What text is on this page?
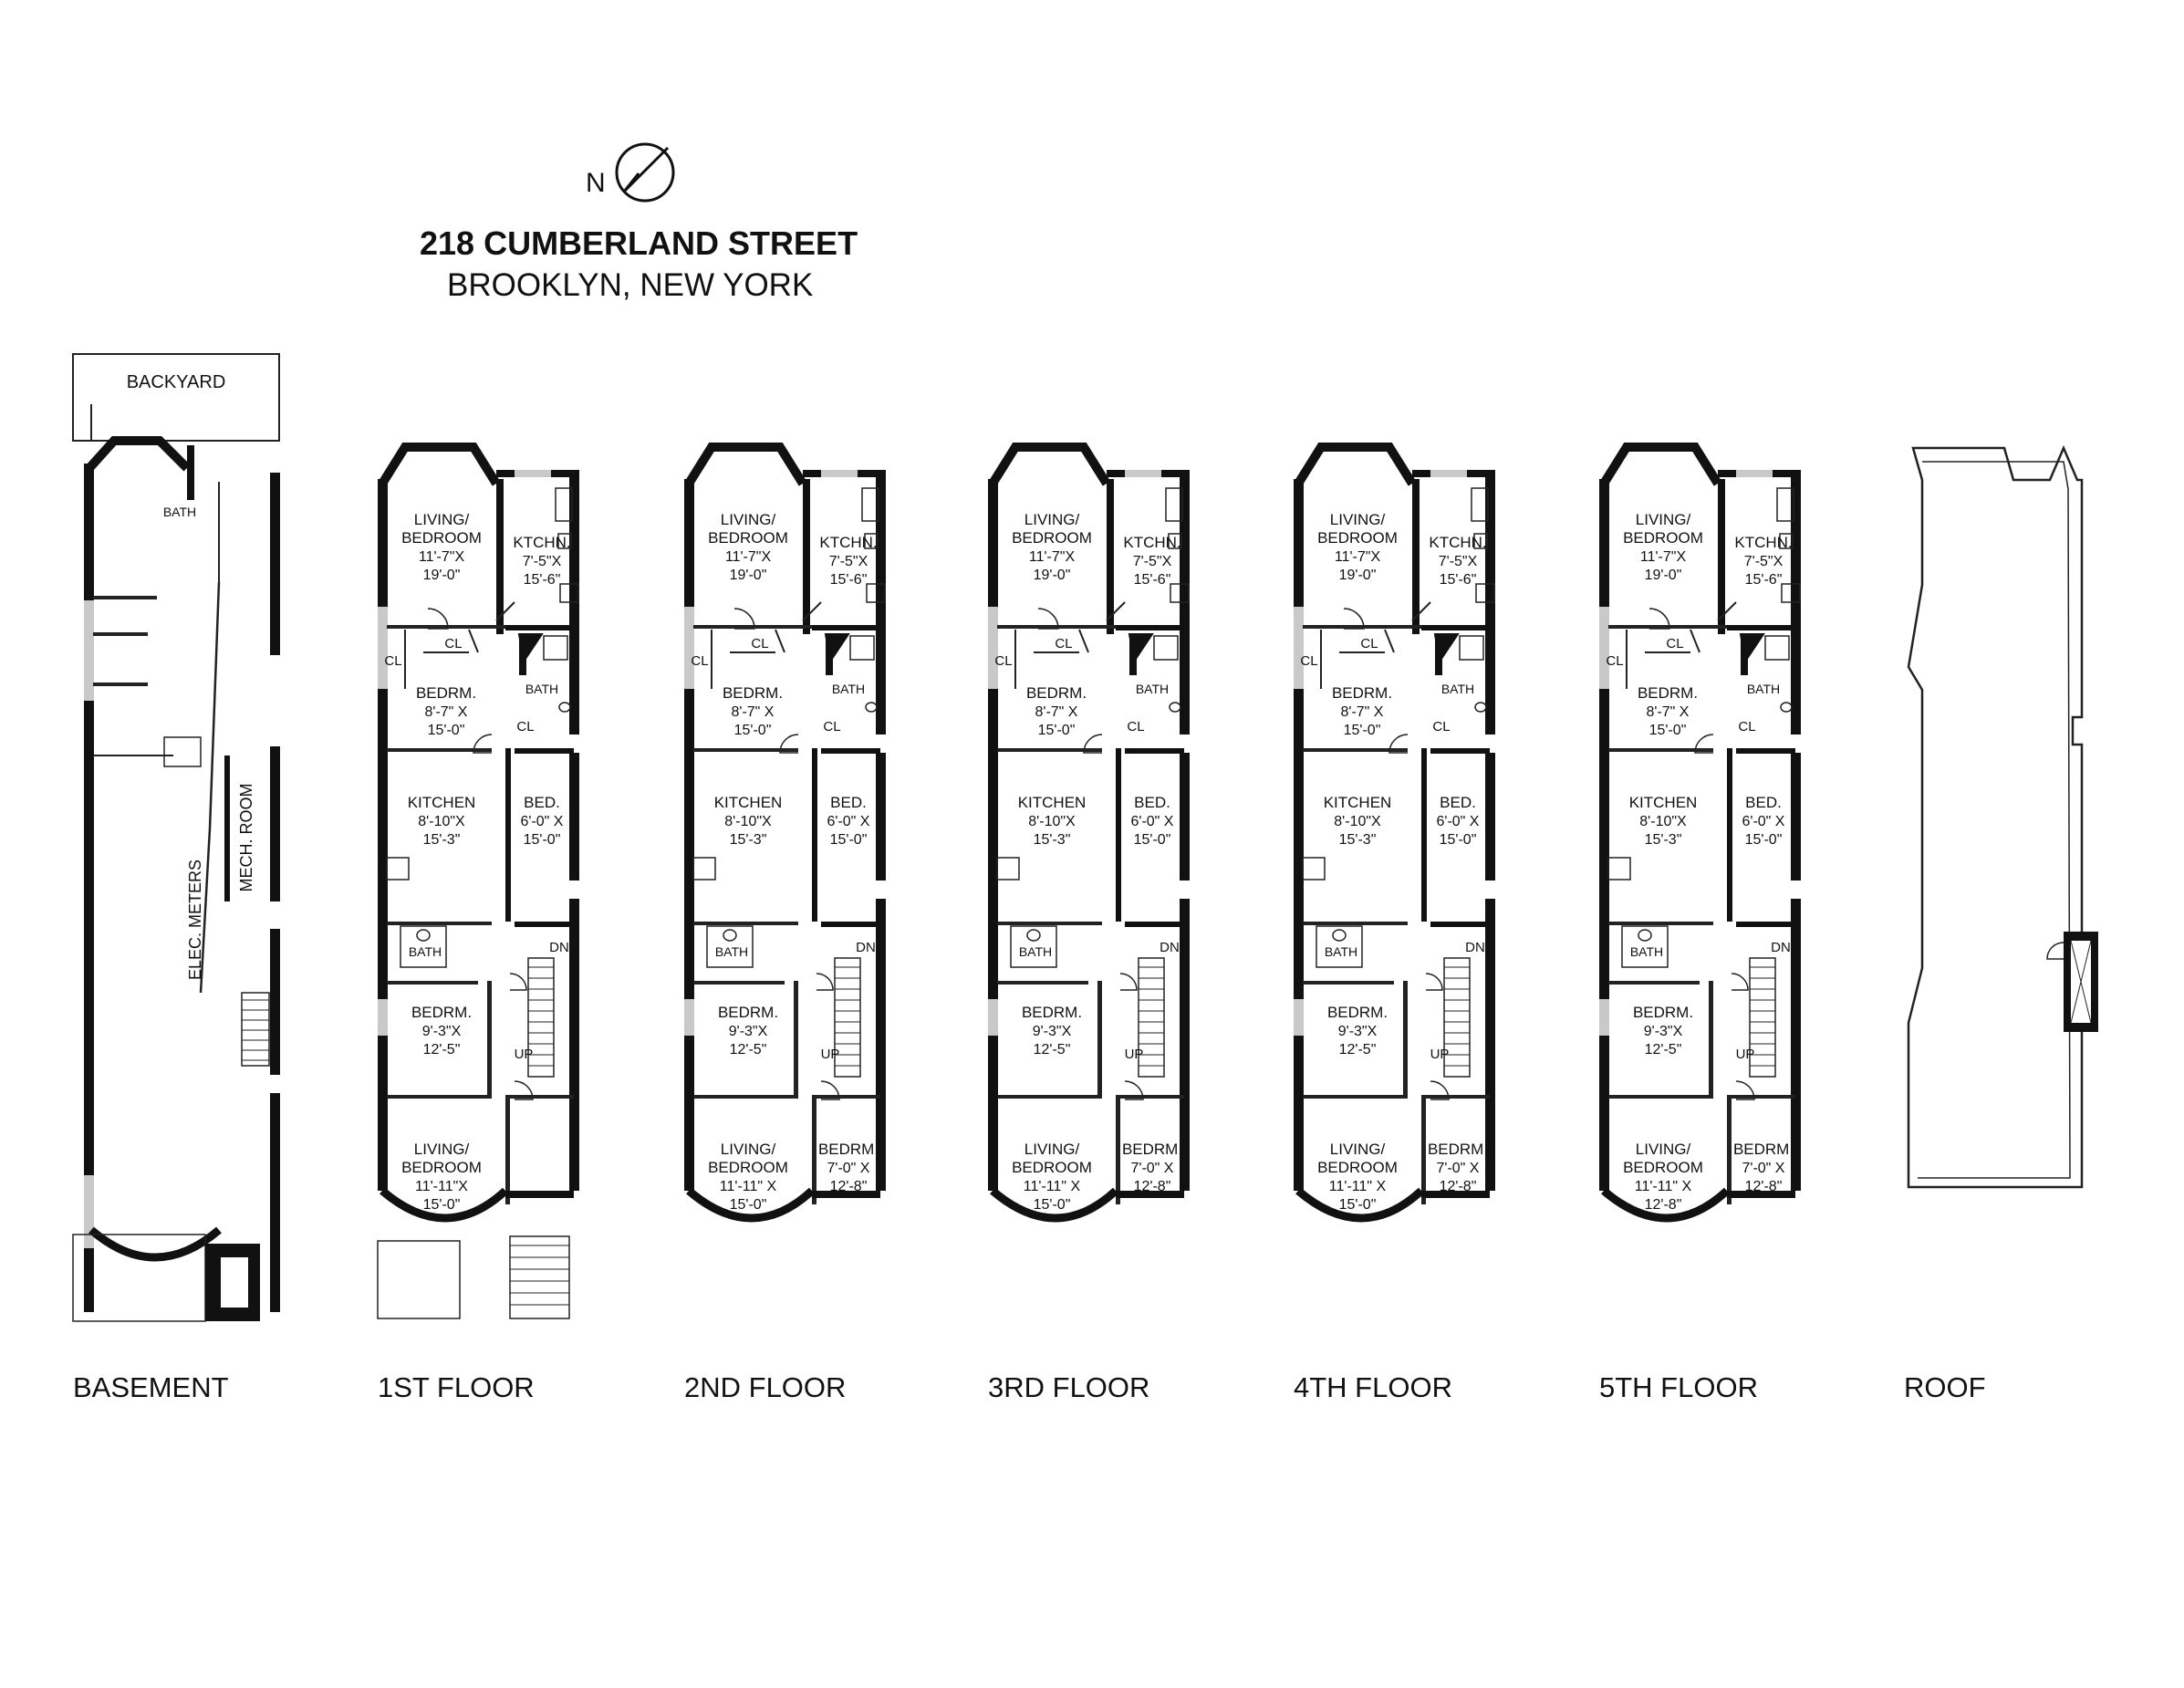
218 CUMBERLAND STREET
BROOKLYN, NEW YORK
N
BACKYARD
BATH
MECH. ROOM
ELEC. METERS
LIVING/
BEDROOM
11'-7"X
19'-0"
KTCHN.
7'-5"X
15'-6"
BEDRM.
8'-7" X
15'-0"
KITCHEN
8'-10"X
15'-3"
BED.
6'-0" X
15'-0"
BEDRM.
9'-3"X
12'-5"
LIVING/
BEDROOM
11'-11"X
15'-0"
CL
CL
CL
BATH
BATH	DN
UP
LIVING/
BEDROOM
11'-7"X
19'-0"
KTCHN.
7'-5"X
15'-6"
BEDRM.
8'-7" X
15'-0"
KITCHEN
8'-10"X
15'-3"
BED.
6'-0" X
15'-0"
BEDRM.
9'-3"X
12'-5"
LIVING/
BEDROOM
11'-11" X
15'-0"
BEDRM.
7'-0" X
12'-8"
CL
CL
CL
BATH
BATH	DN
UP
LIVING/
BEDROOM
11'-7"X
19'-0"
KTCHN.
7'-5"X
15'-6"
BEDRM.
8'-7" X
15'-0"
KITCHEN
8'-10"X
15'-3"
BED.
6'-0" X
15'-0"
BEDRM.
9'-3"X
12'-5"
LIVING/
BEDROOM
11'-11" X
15'-0"
BEDRM.
7'-0" X
12'-8"
CL
CL
CL
BATH
BATH	DN
UP
LIVING/
BEDROOM
11'-7"X
19'-0"
KTCHN.
7'-5"X
15'-6"
BEDRM.
8'-7" X
15'-0"
KITCHEN
8'-10"X
15'-3"
BED.
6'-0" X
15'-0"
BEDRM.
9'-3"X
12'-5"
LIVING/
BEDROOM
11'-11" X
15'-0"
BEDRM.
7'-0" X
12'-8"
CL
CL
CL
BATH
BATH	DN
UP
LIVING/
BEDROOM
11'-7"X
19'-0"
KTCHN.
7'-5"X
15'-6"
BEDRM.
8'-7" X
15'-0"
KITCHEN
8'-10"X
15'-3"
BED.
6'-0" X
15'-0"
BEDRM.
9'-3"X
12'-5"
LIVING/
BEDROOM
11'-11" X
12'-8"
BEDRM.
7'-0" X
12'-8"
CL
CL
CL
BATH
BATH	DN
UP
BASEMENT	1ST FLOOR	2ND FLOOR	3RD FLOOR	4TH FLOOR	5TH FLOOR	ROOF
